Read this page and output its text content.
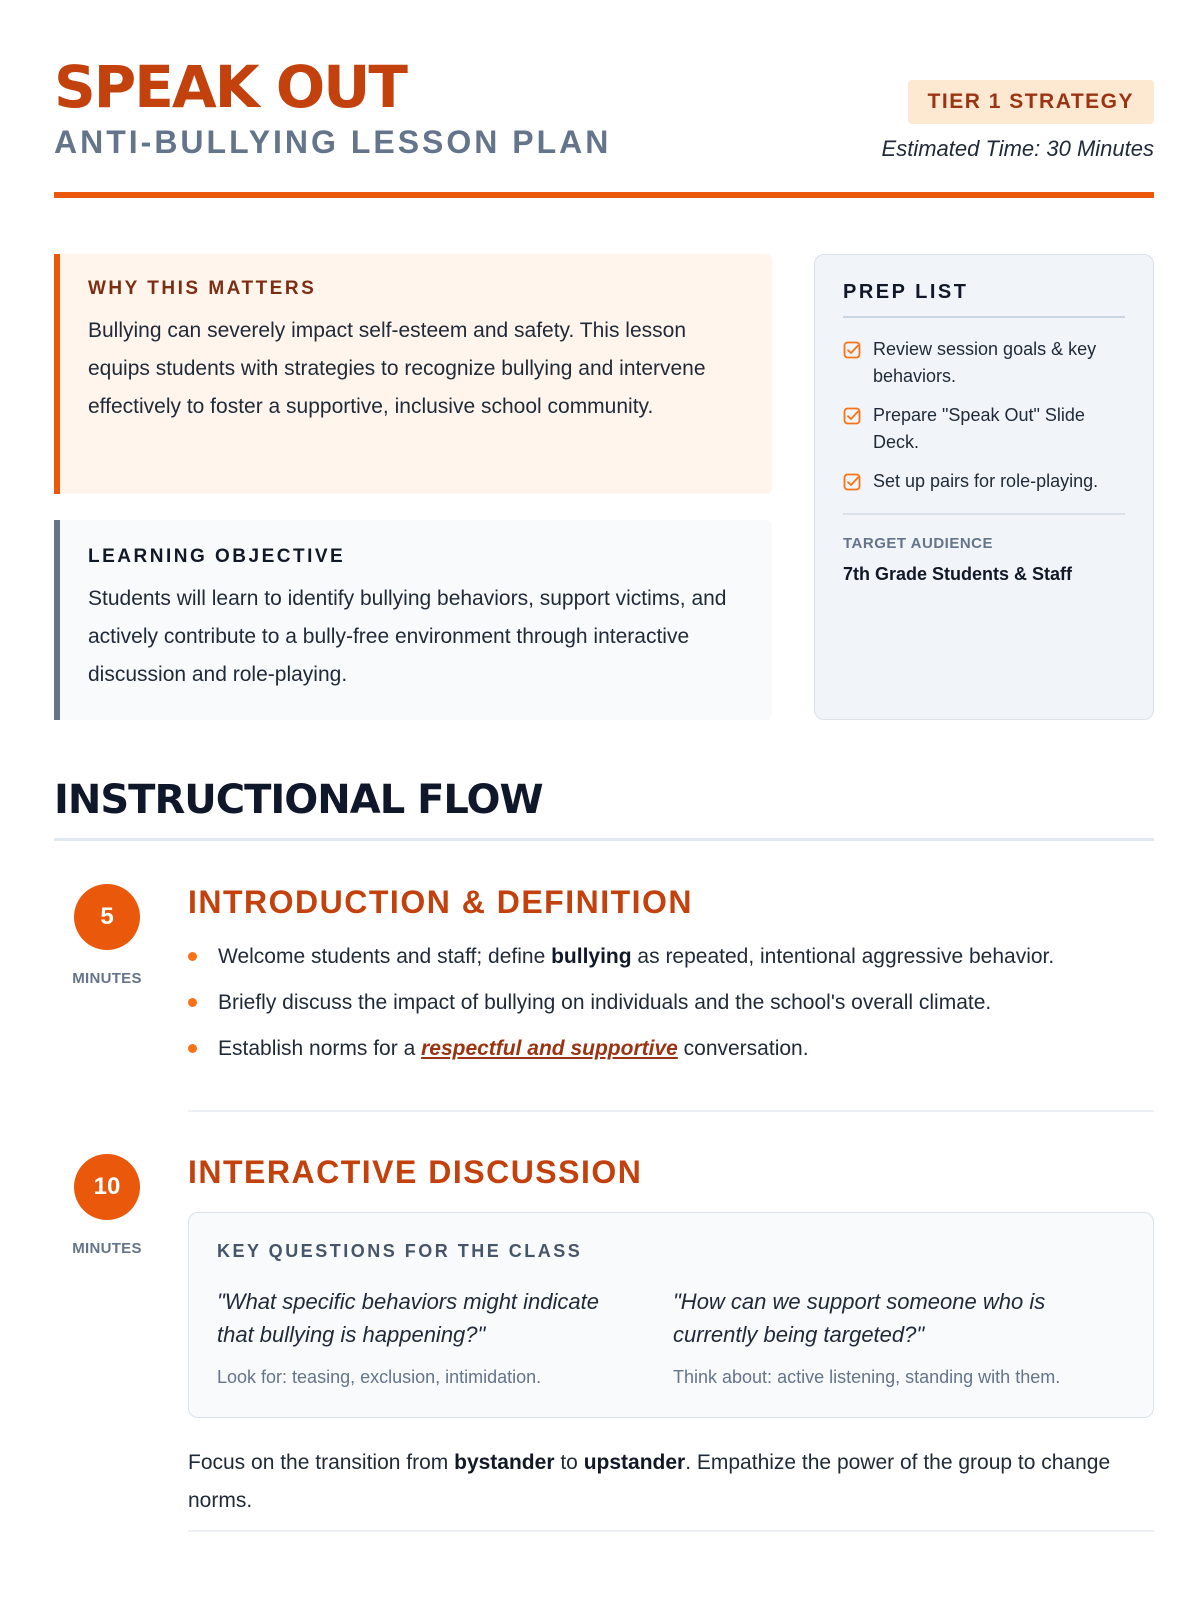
SPEAK OUT
ANTI-BULLYING LESSON PLAN
TIER 1 STRATEGY
Estimated Time: 30 Minutes
WHY THIS MATTERS
Bullying can severely impact self-esteem and safety. This lesson equips students with strategies to recognize bullying and intervene effectively to foster a supportive, inclusive school community.
LEARNING OBJECTIVE
Students will learn to identify bullying behaviors, support victims, and actively contribute to a bully-free environment through interactive discussion and role-playing.
PREP LIST
Review session goals & key behaviors.
Prepare "Speak Out" Slide Deck.
Set up pairs for role-playing.
TARGET AUDIENCE
7th Grade Students & Staff
INSTRUCTIONAL FLOW
5
MINUTES
INTRODUCTION & DEFINITION
Welcome students and staff; define bullying as repeated, intentional aggressive behavior.
Briefly discuss the impact of bullying on individuals and the school's overall climate.
Establish norms for a respectful and supportive conversation.
10
MINUTES
INTERACTIVE DISCUSSION
KEY QUESTIONS FOR THE CLASS
"What specific behaviors might indicate that bullying is happening?"
Look for: teasing, exclusion, intimidation.
"How can we support someone who is currently being targeted?"
Think about: active listening, standing with them.
Focus on the transition from bystander to upstander. Empathize the power of the group to change norms.
